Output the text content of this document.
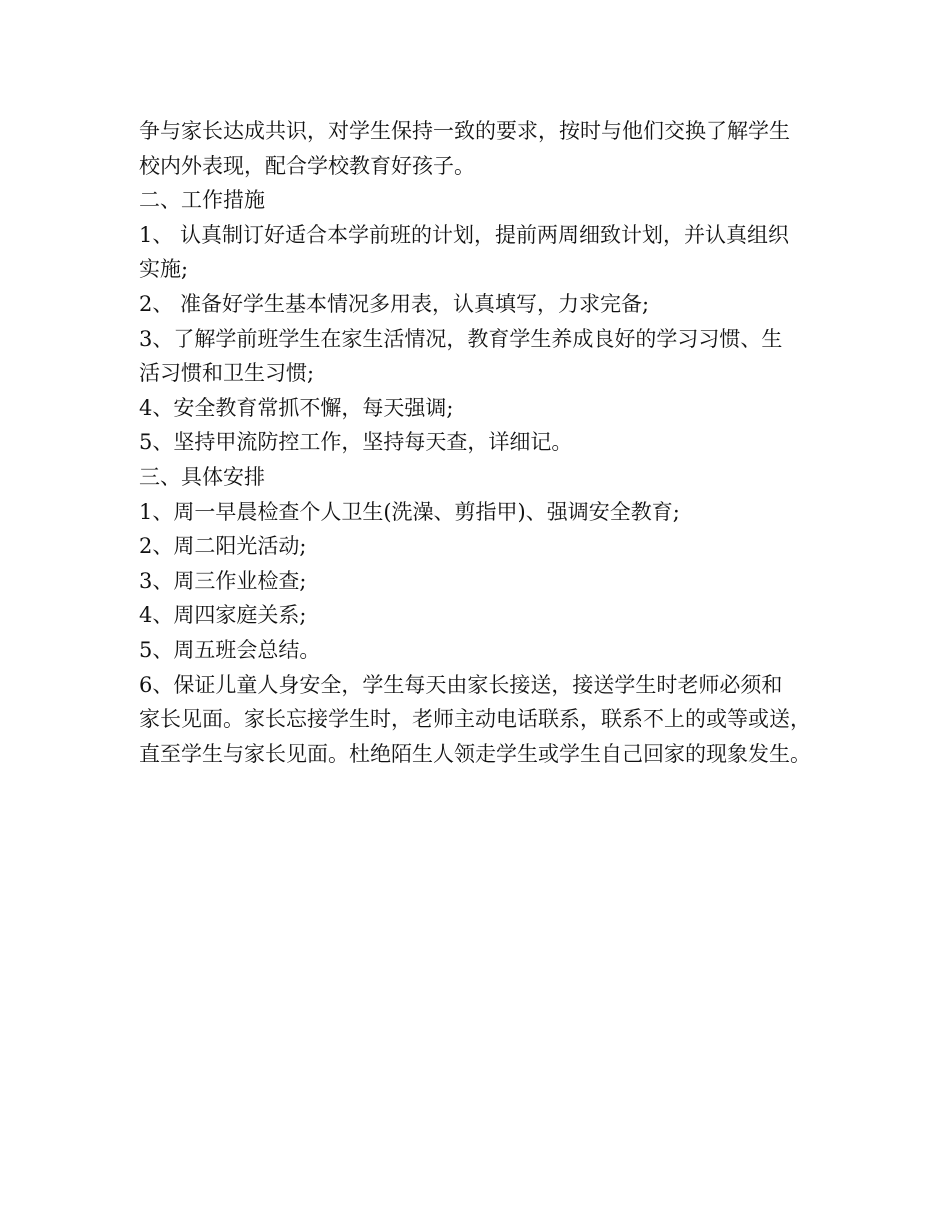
争与家长达成共识，对学生保持一致的要求，按时与他们交换了解学生
校内外表现，配合学校教育好孩子。
二、工作措施
1、 认真制订好适合本学前班的计划，提前两周细致计划，并认真组织
实施;
2、 准备好学生基本情况多用表，认真填写，力求完备;
3、了解学前班学生在家生活情况，教育学生养成良好的学习习惯、生
活习惯和卫生习惯;
4、安全教育常抓不懈，每天强调;
5、坚持甲流防控工作，坚持每天查，详细记。
三、具体安排
1、周一早晨检查个人卫生(洗澡、剪指甲)、强调安全教育;
2、周二阳光活动;
3、周三作业检查;
4、周四家庭关系;
5、周五班会总结。
6、保证儿童人身安全，学生每天由家长接送，接送学生时老师必须和
家长见面。家长忘接学生时，老师主动电话联系，联系不上的或等或送，
直至学生与家长见面。杜绝陌生人领走学生或学生自己回家的现象发生。
